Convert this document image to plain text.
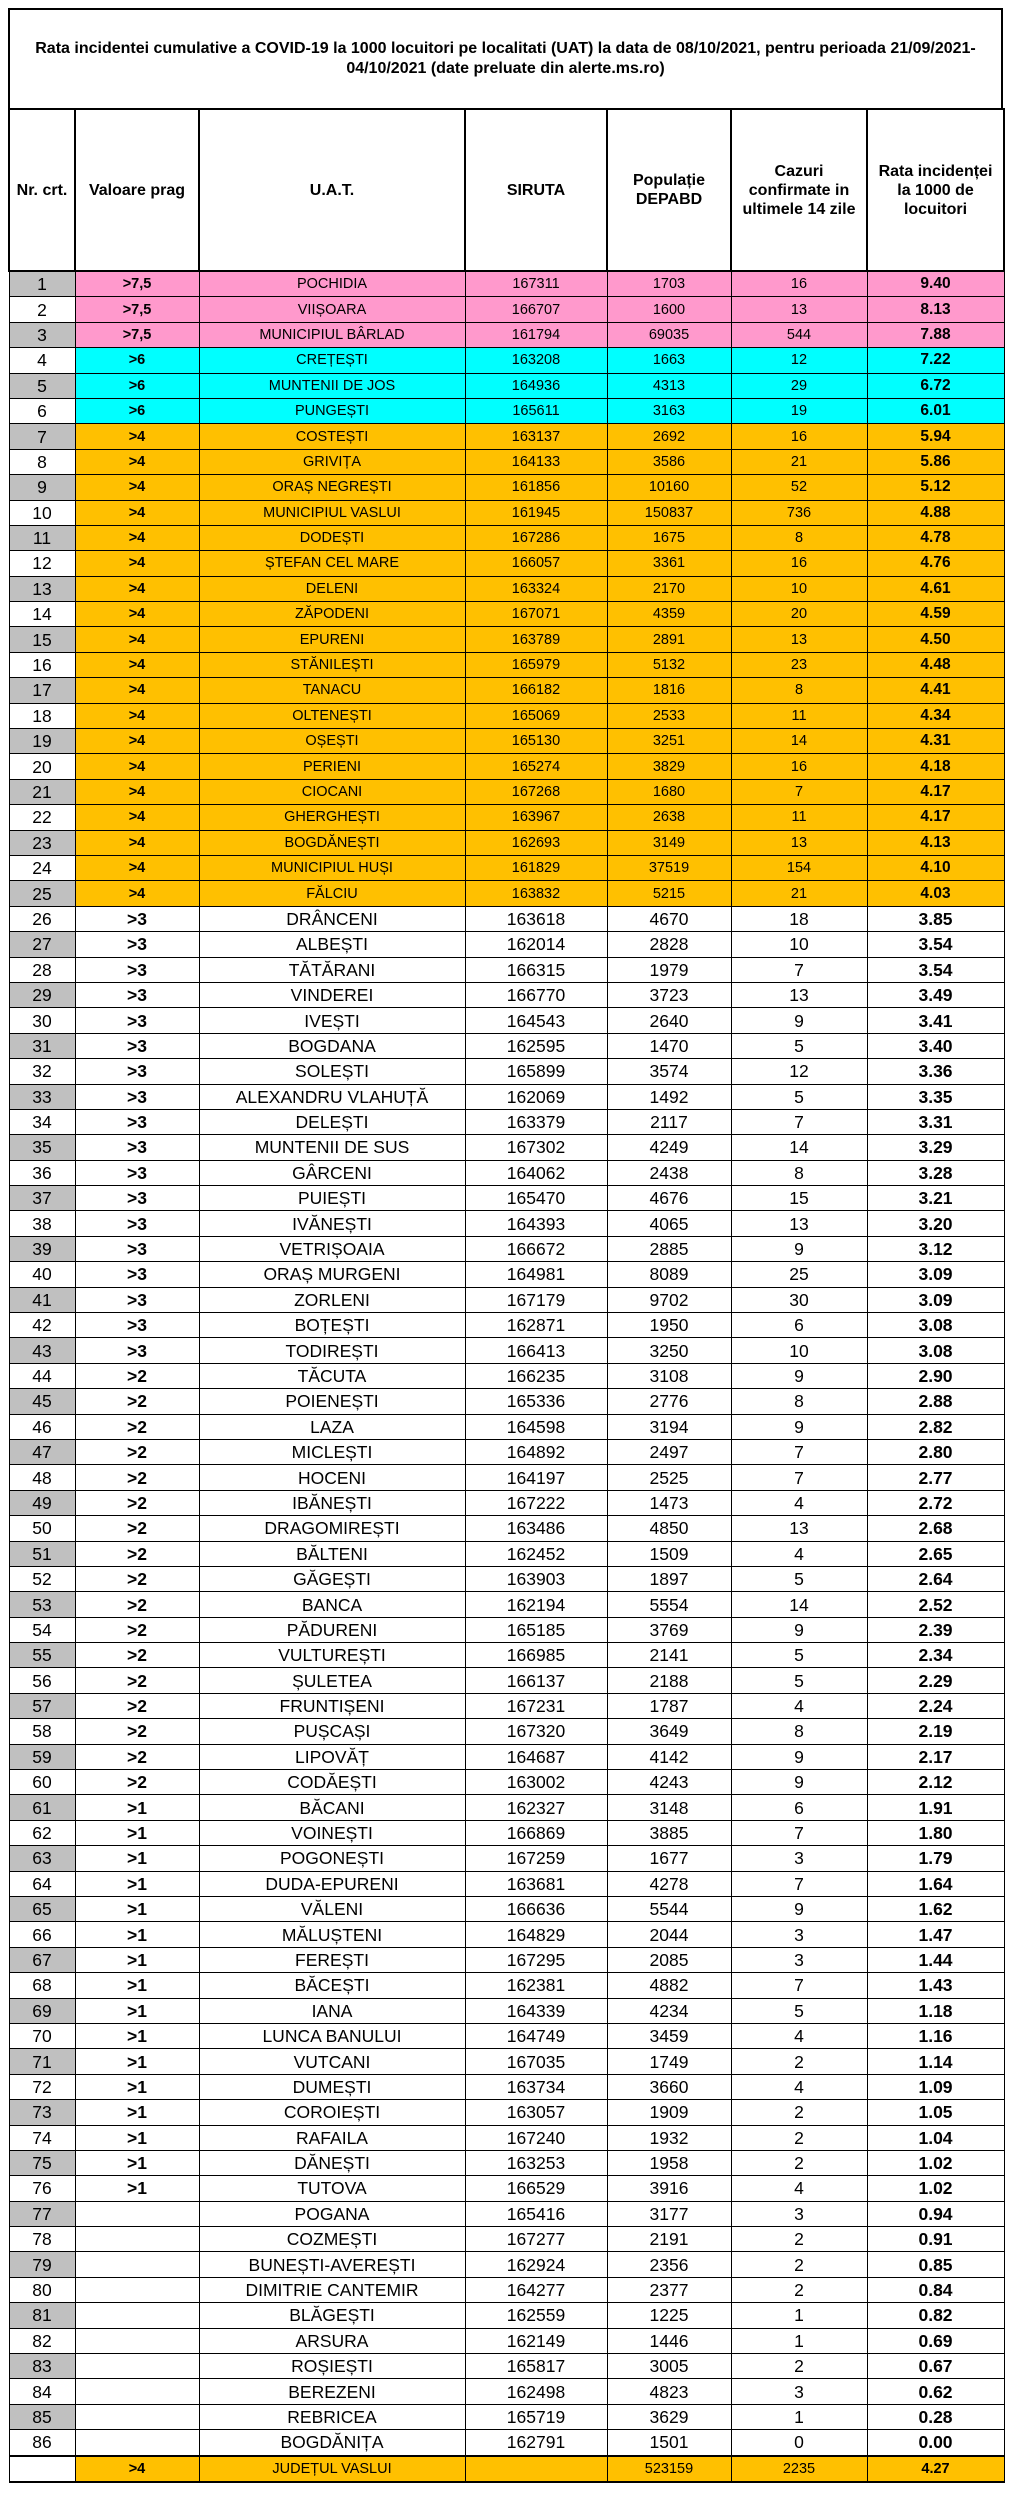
Rata incidentei cumulative a COVID-19 la 1000 locuitori pe localitati (UAT) la data de 08/10/2021, pentru perioada 21/09/2021-04/10/2021 (date preluate din alerte.ms.ro)
Nr. crt.	Valoare prag	U.A.T.	SIRUTA	Populație DEPABD	Cazuri confirmate in ultimele 14 zile	Rata incidenței la 1000 de locuitori
1	>7,5	POCHIDIA	167311	1703	16	9.40
2	>7,5	VIIȘOARA	166707	1600	13	8.13
3	>7,5	MUNICIPIUL BÂRLAD	161794	69035	544	7.88
4	>6	CREȚEȘTI	163208	1663	12	7.22
5	>6	MUNTENII DE JOS	164936	4313	29	6.72
6	>6	PUNGEȘTI	165611	3163	19	6.01
7	>4	COSTEȘTI	163137	2692	16	5.94
8	>4	GRIVIȚA	164133	3586	21	5.86
9	>4	ORAȘ NEGREȘTI	161856	10160	52	5.12
10	>4	MUNICIPIUL VASLUI	161945	150837	736	4.88
11	>4	DODEȘTI	167286	1675	8	4.78
12	>4	ȘTEFAN CEL MARE	166057	3361	16	4.76
13	>4	DELENI	163324	2170	10	4.61
14	>4	ZĂPODENI	167071	4359	20	4.59
15	>4	EPURENI	163789	2891	13	4.50
16	>4	STĂNILEȘTI	165979	5132	23	4.48
17	>4	TANACU	166182	1816	8	4.41
18	>4	OLTENEȘTI	165069	2533	11	4.34
19	>4	OȘEȘTI	165130	3251	14	4.31
20	>4	PERIENI	165274	3829	16	4.18
21	>4	CIOCANI	167268	1680	7	4.17
22	>4	GHERGHEȘTI	163967	2638	11	4.17
23	>4	BOGDĂNEȘTI	162693	3149	13	4.13
24	>4	MUNICIPIUL HUȘI	161829	37519	154	4.10
25	>4	FĂLCIU	163832	5215	21	4.03
26	>3	DRÂNCENI	163618	4670	18	3.85
27	>3	ALBEȘTI	162014	2828	10	3.54
28	>3	TĂTĂRANI	166315	1979	7	3.54
29	>3	VINDEREI	166770	3723	13	3.49
30	>3	IVEȘTI	164543	2640	9	3.41
31	>3	BOGDANA	162595	1470	5	3.40
32	>3	SOLEȘTI	165899	3574	12	3.36
33	>3	ALEXANDRU VLAHUȚĂ	162069	1492	5	3.35
34	>3	DELEȘTI	163379	2117	7	3.31
35	>3	MUNTENII DE SUS	167302	4249	14	3.29
36	>3	GÂRCENI	164062	2438	8	3.28
37	>3	PUIEȘTI	165470	4676	15	3.21
38	>3	IVĂNEȘTI	164393	4065	13	3.20
39	>3	VETRIȘOAIA	166672	2885	9	3.12
40	>3	ORAȘ MURGENI	164981	8089	25	3.09
41	>3	ZORLENI	167179	9702	30	3.09
42	>3	BOȚEȘTI	162871	1950	6	3.08
43	>3	TODIREȘTI	166413	3250	10	3.08
44	>2	TĂCUTA	166235	3108	9	2.90
45	>2	POIENEȘTI	165336	2776	8	2.88
46	>2	LAZA	164598	3194	9	2.82
47	>2	MICLEȘTI	164892	2497	7	2.80
48	>2	HOCENI	164197	2525	7	2.77
49	>2	IBĂNEȘTI	167222	1473	4	2.72
50	>2	DRAGOMIREȘTI	163486	4850	13	2.68
51	>2	BĂLTENI	162452	1509	4	2.65
52	>2	GĂGEȘTI	163903	1897	5	2.64
53	>2	BANCA	162194	5554	14	2.52
54	>2	PĂDURENI	165185	3769	9	2.39
55	>2	VULTUREȘTI	166985	2141	5	2.34
56	>2	ȘULETEA	166137	2188	5	2.29
57	>2	FRUNTIȘENI	167231	1787	4	2.24
58	>2	PUȘCAȘI	167320	3649	8	2.19
59	>2	LIPOVĂȚ	164687	4142	9	2.17
60	>2	CODĂEȘTI	163002	4243	9	2.12
61	>1	BĂCANI	162327	3148	6	1.91
62	>1	VOINEȘTI	166869	3885	7	1.80
63	>1	POGONEȘTI	167259	1677	3	1.79
64	>1	DUDA-EPURENI	163681	4278	7	1.64
65	>1	VĂLENI	166636	5544	9	1.62
66	>1	MĂLUȘTENI	164829	2044	3	1.47
67	>1	FEREȘTI	167295	2085	3	1.44
68	>1	BĂCEȘTI	162381	4882	7	1.43
69	>1	IANA	164339	4234	5	1.18
70	>1	LUNCA BANULUI	164749	3459	4	1.16
71	>1	VUTCANI	167035	1749	2	1.14
72	>1	DUMEȘTI	163734	3660	4	1.09
73	>1	COROIEȘTI	163057	1909	2	1.05
74	>1	RAFAILA	167240	1932	2	1.04
75	>1	DĂNEȘTI	163253	1958	2	1.02
76	>1	TUTOVA	166529	3916	4	1.02
77		POGANA	165416	3177	3	0.94
78		COZMEȘTI	167277	2191	2	0.91
79		BUNEȘTI-AVEREȘTI	162924	2356	2	0.85
80		DIMITRIE CANTEMIR	164277	2377	2	0.84
81		BLĂGEȘTI	162559	1225	1	0.82
82		ARSURA	162149	1446	1	0.69
83		ROȘIEȘTI	165817	3005	2	0.67
84		BEREZENI	162498	4823	3	0.62
85		REBRICEA	165719	3629	1	0.28
86		BOGDĂNIȚA	162791	1501	0	0.00
	>4	JUDEȚUL VASLUI		523159	2235	4.27
